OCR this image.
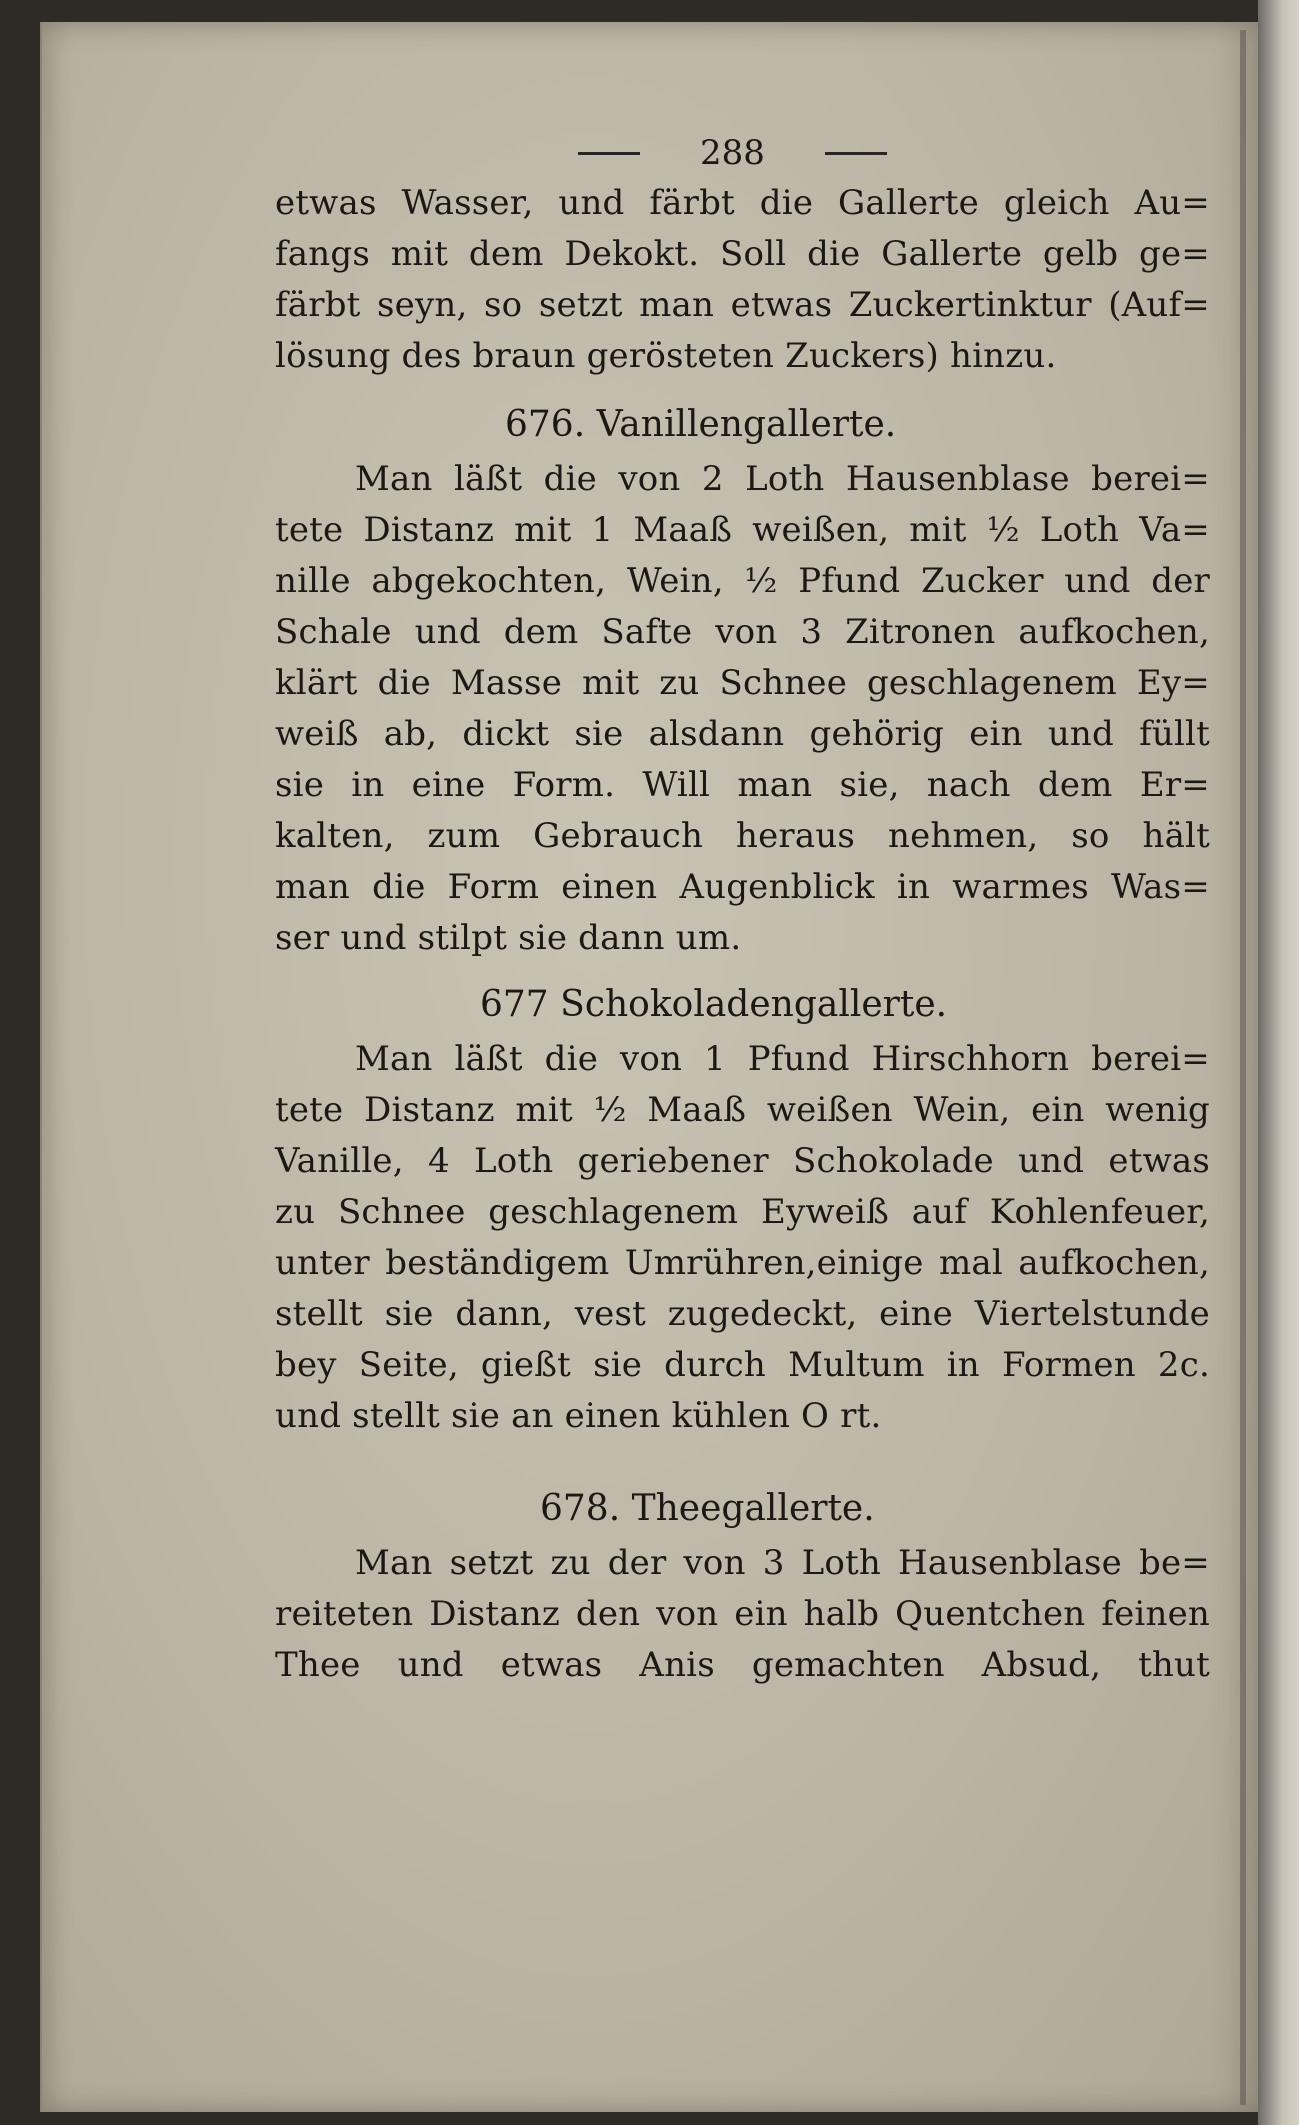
288
etwas Wasser, und färbt die Gallerte gleich Au=
fangs mit dem Dekokt. Soll die Gallerte gelb ge=
färbt seyn, so setzt man etwas Zuckertinktur (Auf=
lösung des braun gerösteten Zuckers) hinzu.
676. Vanillengallerte.
Man läßt die von 2 Loth Hausenblase berei=
tete Distanz mit 1 Maaß weißen, mit ½ Loth Va=
nille abgekochten, Wein, ½ Pfund Zucker und der
Schale und dem Safte von 3 Zitronen aufkochen,
klärt die Masse mit zu Schnee geschlagenem Ey=
weiß ab, dickt sie alsdann gehörig ein und füllt
sie in eine Form. Will man sie, nach dem Er=
kalten, zum Gebrauch heraus nehmen, so hält
man die Form einen Augenblick in warmes Was=
ser und stilpt sie dann um.
677 Schokoladengallerte.
Man läßt die von 1 Pfund Hirschhorn berei=
tete Distanz mit ½ Maaß weißen Wein, ein wenig
Vanille, 4 Loth geriebener Schokolade und etwas
zu Schnee geschlagenem Eyweiß auf Kohlenfeuer,
unter beständigem Umrühren,einige mal aufkochen,
stellt sie dann, vest zugedeckt, eine Viertelstunde
bey Seite, gießt sie durch Multum in Formen 2c.
und stellt sie an einen kühlen O rt.
678. Theegallerte.
Man setzt zu der von 3 Loth Hausenblase be=
reiteten Distanz den von ein halb Quentchen feinen
Thee und etwas Anis gemachten Absud, thut
